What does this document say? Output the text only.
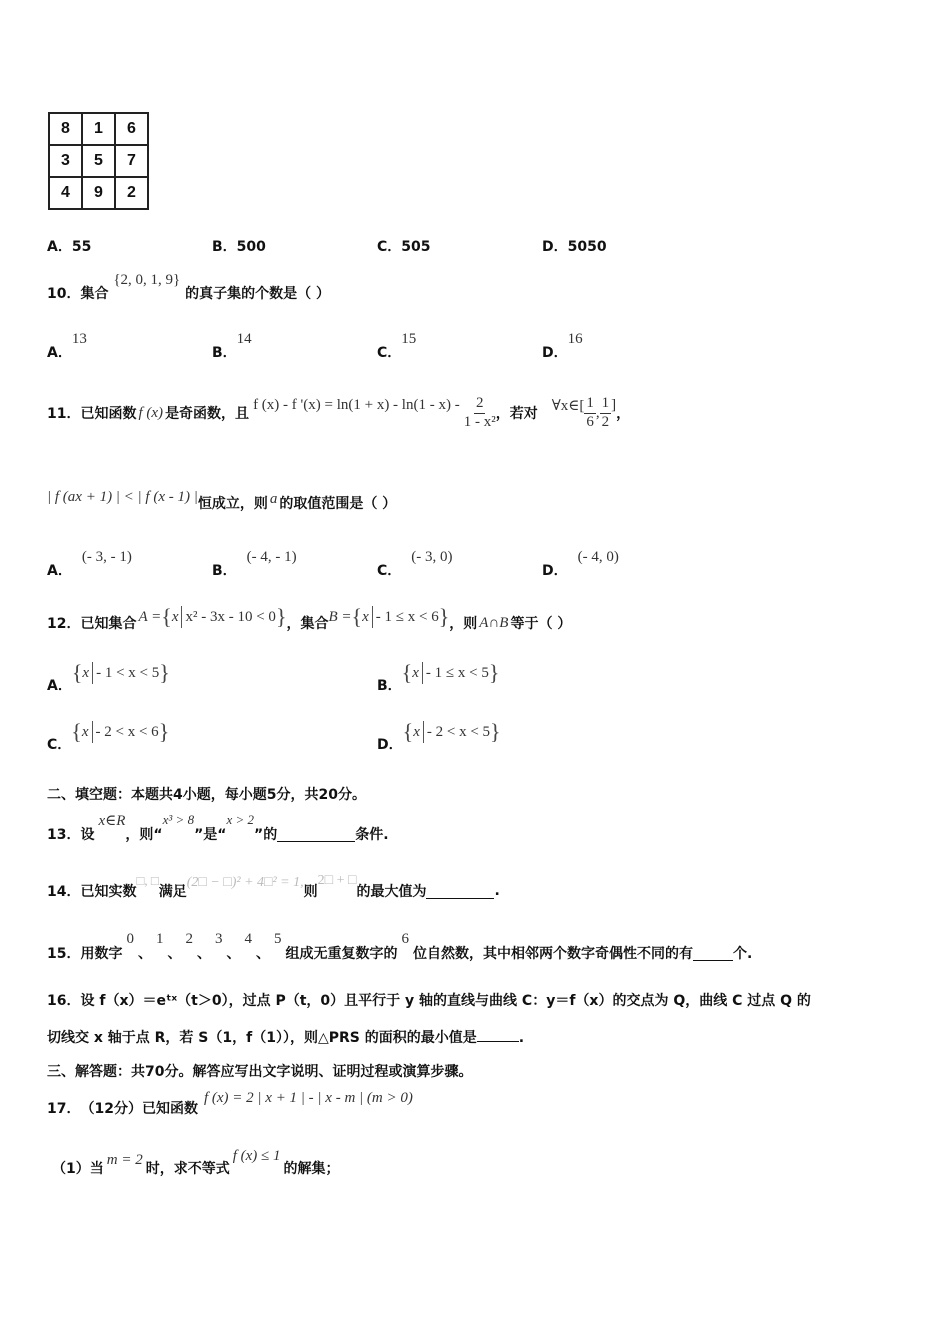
8	1	6
3	5	7
4	9	2
A．55	B．500	C．505	D．5050
10．集合 {2, 0, 1, 9} 的真子集的个数是（ ）
A．13
B．14
C．15
D．16
11． 已知函数 f (x) 是奇函数，且
f (x) - f '$(x) = \ln(1 + x) - \ln(1 - x) - \frac{2}{\text{1 - x²}}$ ，若对
∀x∈[ $\frac{1}{6}$ , $\frac{1}{2}$ ]
，
| f (ax + 1) | < | f (x - 1) | 恒成立，则 a 的取值范围是（ ）
A．(- 3, - 1)
B．(- 4, - 1)
C．(- 3, 0)
D．(- 4, 0)
12． 已知集合 A = { x x² - 3x - 10 < 0 } ，集合 B = { x - 1 ≤ x < 6 } ，则 A∩B 等于（ ）
A．
{ x - 1 < x < 5 }
B．
{ x - 1 ≤ x < 5 }
C．
{ x - 2 < x < 6 }
D．
{ x - 2 < x < 5 }
二、填空题：本题共4小题，每小题5分，共20分。
13． 设
x∈R
，则“
x³ > 8
”是“
x > 2
”的	条件.
14． 已知实数
□, □
满足
(2□ − □)² + 4□² = 1,
则
2□ + □
的最大值为	.
15． 用数字
0
、
1
、
2
、
3
、
4
、
5
组成无重复数字的
6
位自然数，其中相邻两个数字奇偶性不同的有	个.
16．设 f（x）＝eᵗˣ（t＞0），过点 P（t，0）且平行于 y 轴的直线与曲线 C：y＝f（x）的交点为 Q，曲线 C 过点 Q 的
切线交 x 轴于点 R，若 S（1，f（1）），则△PRS 的面积的最小值是	.
三、解答题：共70分。解答应写出文字说明、证明过程或演算步骤。
17． （12分） 已知函数
f (x) = 2 | x + 1 | - | x - m | (m > 0)
（1）当
m = 2
时，求不等式
f (x) ≤ 1
的解集；
